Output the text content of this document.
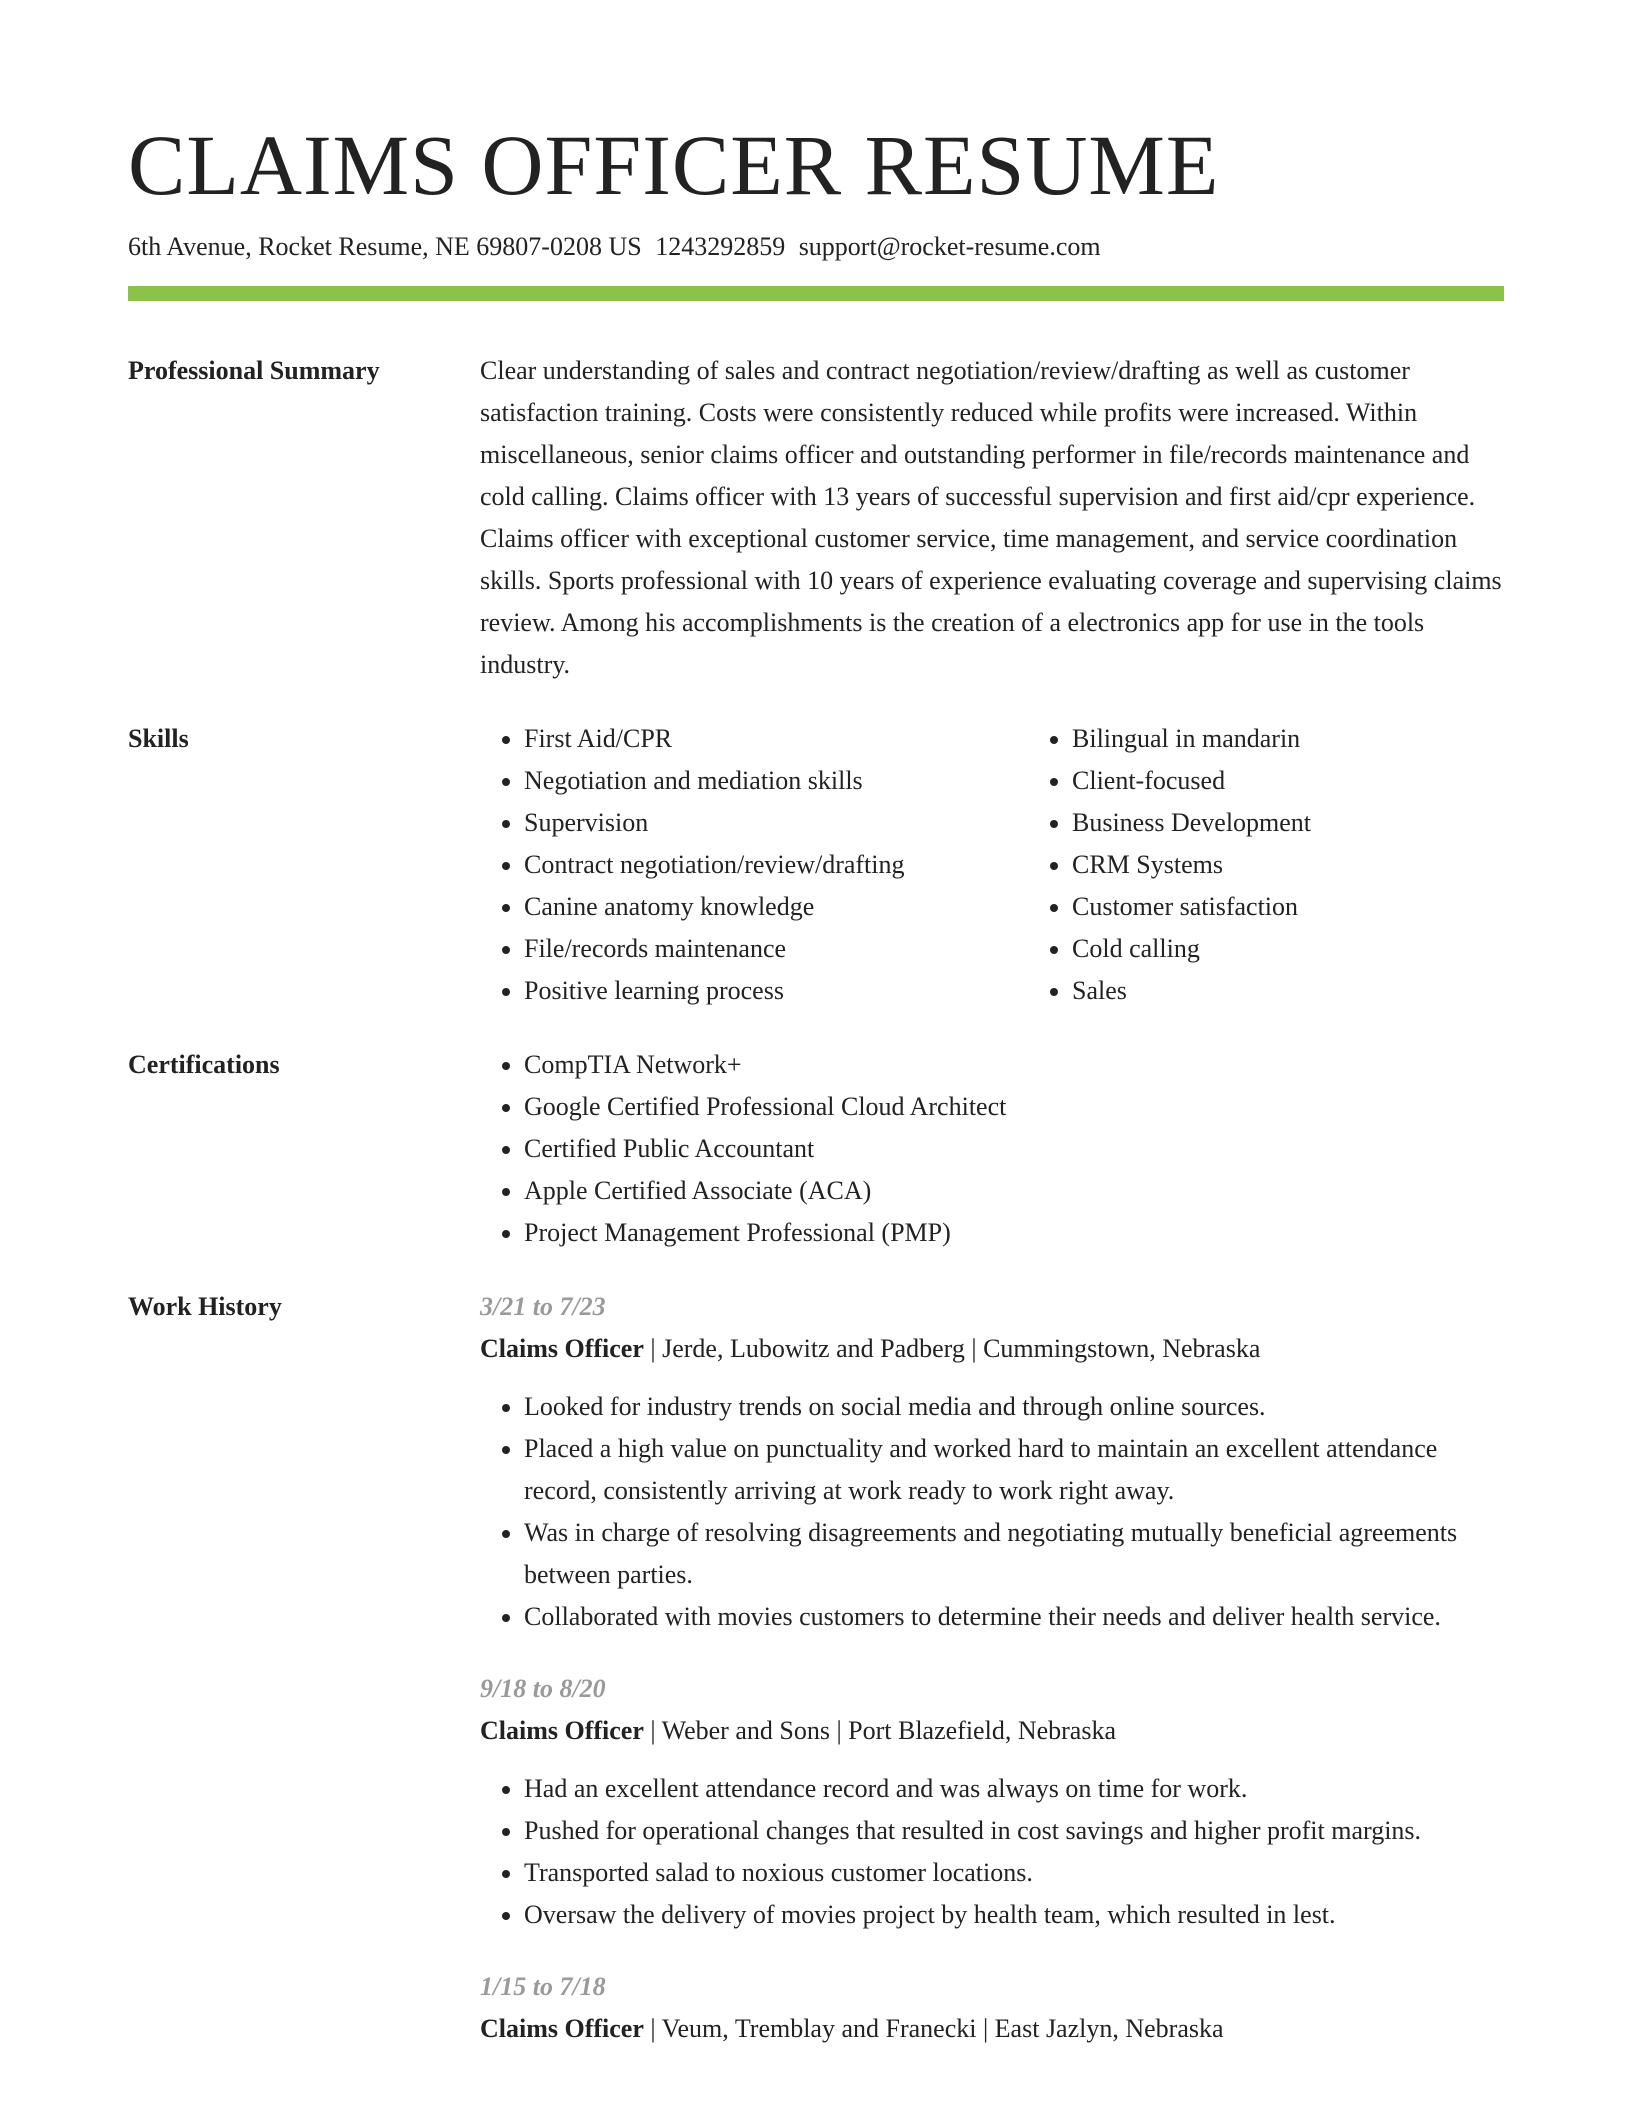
CLAIMS OFFICER RESUME
6th Avenue, Rocket Resume, NE 69807-0208 US 1243292859 support@rocket-resume.com
Professional Summary	Clear understanding of sales and contract negotiation/review/drafting as well as customer satisfaction training. Costs were consistently reduced while profits were increased. Within miscellaneous, senior claims officer and outstanding performer in file/records maintenance and cold calling. Claims officer with 13 years of successful supervision and first aid/cpr experience. Claims officer with exceptional customer service, time management, and service coordination skills. Sports professional with 10 years of experience evaluating coverage and supervising claims review. Among his accomplishments is the creation of a electronics app for use in the tools industry.

Skills	• First Aid/CPR
• Negotiation and mediation skills
• Supervision
• Contract negotiation/review/drafting
• Canine anatomy knowledge
• File/records maintenance
• Positive learning process
• Bilingual in mandarin
• Client-focused
• Business Development
• CRM Systems
• Customer satisfaction
• Cold calling
• Sales
Certifications	• CompTIA Network+
• Google Certified Professional Cloud Architect
• Certified Public Accountant
• Apple Certified Associate (ACA)
• Project Management Professional (PMP)
Work History	3/21 to 7/23
Claims Officer | Jerde, Lubowitz and Padberg | Cummingstown, Nebraska
• Looked for industry trends on social media and through online sources.
• Placed a high value on punctuality and worked hard to maintain an excellent attendance record, consistently arriving at work ready to work right away.
• Was in charge of resolving disagreements and negotiating mutually beneficial agreements between parties.
• Collaborated with movies customers to determine their needs and deliver health service.
9/18 to 8/20
Claims Officer | Weber and Sons | Port Blazefield, Nebraska
• Had an excellent attendance record and was always on time for work.
• Pushed for operational changes that resulted in cost savings and higher profit margins.
• Transported salad to noxious customer locations.
• Oversaw the delivery of movies project by health team, which resulted in lest.
1/15 to 7/18
Claims Officer | Veum, Tremblay and Franecki | East Jazlyn, Nebraska
